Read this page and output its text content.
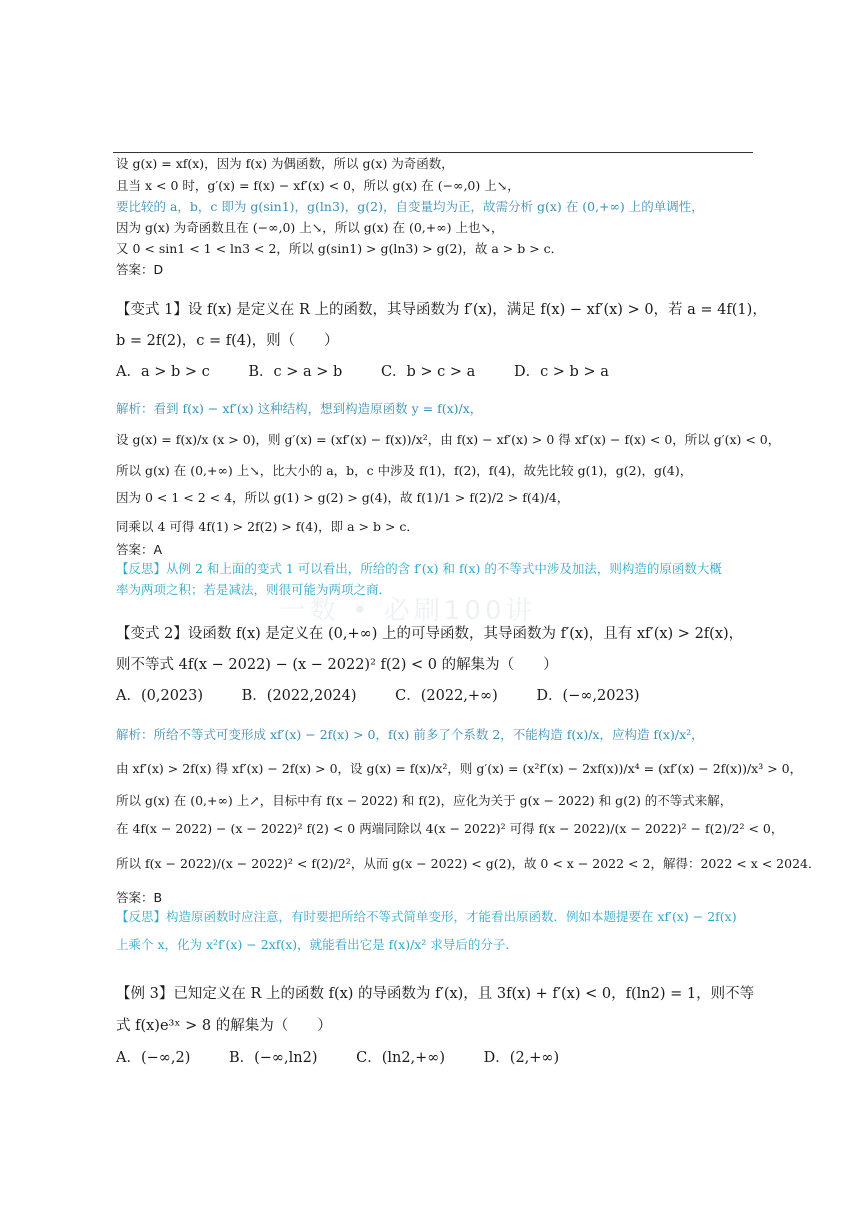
设 g(x) = xf(x)，因为 f(x) 为偶函数，所以 g(x) 为奇函数，
且当 x < 0 时，g′(x) = f(x) − xf′(x) < 0，所以 g(x) 在 (−∞,0) 上↘，
要比较的 a，b，c 即为 g(sin1)，g(ln3)，g(2)，自变量均为正，故需分析 g(x) 在 (0,+∞) 上的单调性，
因为 g(x) 为奇函数且在 (−∞,0) 上↘，所以 g(x) 在 (0,+∞) 上也↘，
又 0 < sin1 < 1 < ln3 < 2，所以 g(sin1) > g(ln3) > g(2)，故 a > b > c．
答案：D
【变式 1】设 f(x) 是定义在 R 上的函数，其导函数为 f′(x)，满足 f(x) − xf′(x) > 0，若 a = 4f(1)，
b = 2f(2)，c = f(4)，则（　　）
A．a > b > c	B．c > a > b	C．b > c > a	D．c > b > a
解析：看到 f(x) − xf′(x) 这种结构，想到构造原函数 y = f(x)/x，
设 g(x) = f(x)/x (x > 0)，则 g′(x) = (xf′(x) − f(x))/x²，由 f(x) − xf′(x) > 0 得 xf′(x) − f(x) < 0，所以 g′(x) < 0，
所以 g(x) 在 (0,+∞) 上↘，比大小的 a，b，c 中涉及 f(1)，f(2)，f(4)，故先比较 g(1)，g(2)，g(4)，
因为 0 < 1 < 2 < 4，所以 g(1) > g(2) > g(4)，故 f(1)/1 > f(2)/2 > f(4)/4，
同乘以 4 可得 4f(1) > 2f(2) > f(4)，即 a > b > c．
答案：A
【反思】从例 2 和上面的变式 1 可以看出，所给的含 f′(x) 和 f(x) 的不等式中涉及加法，则构造的原函数大概
率为两项之积；若是减法，则很可能为两项之商．
一数 • 必刷100讲
【变式 2】设函数 f(x) 是定义在 (0,+∞) 上的可导函数，其导函数为 f′(x)，且有 xf′(x) > 2f(x)，
则不等式 4f(x − 2022) − (x − 2022)² f(2) < 0 的解集为（　　）
A．(0,2023)	B．(2022,2024)	C．(2022,+∞)	D．(−∞,2023)
解析：所给不等式可变形成 xf′(x) − 2f(x) > 0，f(x) 前多了个系数 2，不能构造 f(x)/x，应构造 f(x)/x²，
由 xf′(x) > 2f(x) 得 xf′(x) − 2f(x) > 0，设 g(x) = f(x)/x²，则 g′(x) = (x²f′(x) − 2xf(x))/x⁴ = (xf′(x) − 2f(x))/x³ > 0，
所以 g(x) 在 (0,+∞) 上↗，目标中有 f(x − 2022) 和 f(2)，应化为关于 g(x − 2022) 和 g(2) 的不等式来解，
在 4f(x − 2022) − (x − 2022)² f(2) < 0 两端同除以 4(x − 2022)² 可得 f(x − 2022)/(x − 2022)² − f(2)/2² < 0，
所以 f(x − 2022)/(x − 2022)² < f(2)/2²，从而 g(x − 2022) < g(2)，故 0 < x − 2022 < 2，解得：2022 < x < 2024．
答案：B
【反思】构造原函数时应注意，有时要把所给不等式简单变形，才能看出原函数．例如本题提要在 xf′(x) − 2f(x)
上乘个 x，化为 x²f′(x) − 2xf(x)，就能看出它是 f(x)/x² 求导后的分子．
【例 3】已知定义在 R 上的函数 f(x) 的导函数为 f′(x)，且 3f(x) + f′(x) < 0，f(ln2) = 1，则不等
式 f(x)e³ˣ > 8 的解集为（　　）
A．(−∞,2)	B．(−∞,ln2)	C．(ln2,+∞)	D．(2,+∞)
